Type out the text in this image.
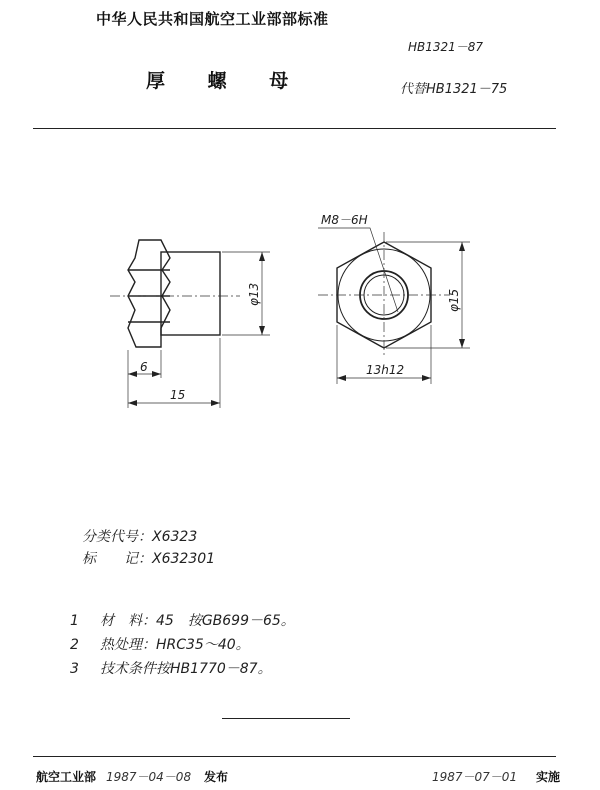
中华人民共和国航空工业部部标准
厚 螺 母
HB1321－87
代替HB1321－75
M8－6H
φ13	φ15
6
15
13h12
分类代号：X6323
标　　记：X632301
1 材　料：45　按GB699－65。
2 热处理：HRC35～40。
3 技术条件按HB1770－87。
航空工业部 1987－04－08 发布	1987－07－01 实施
